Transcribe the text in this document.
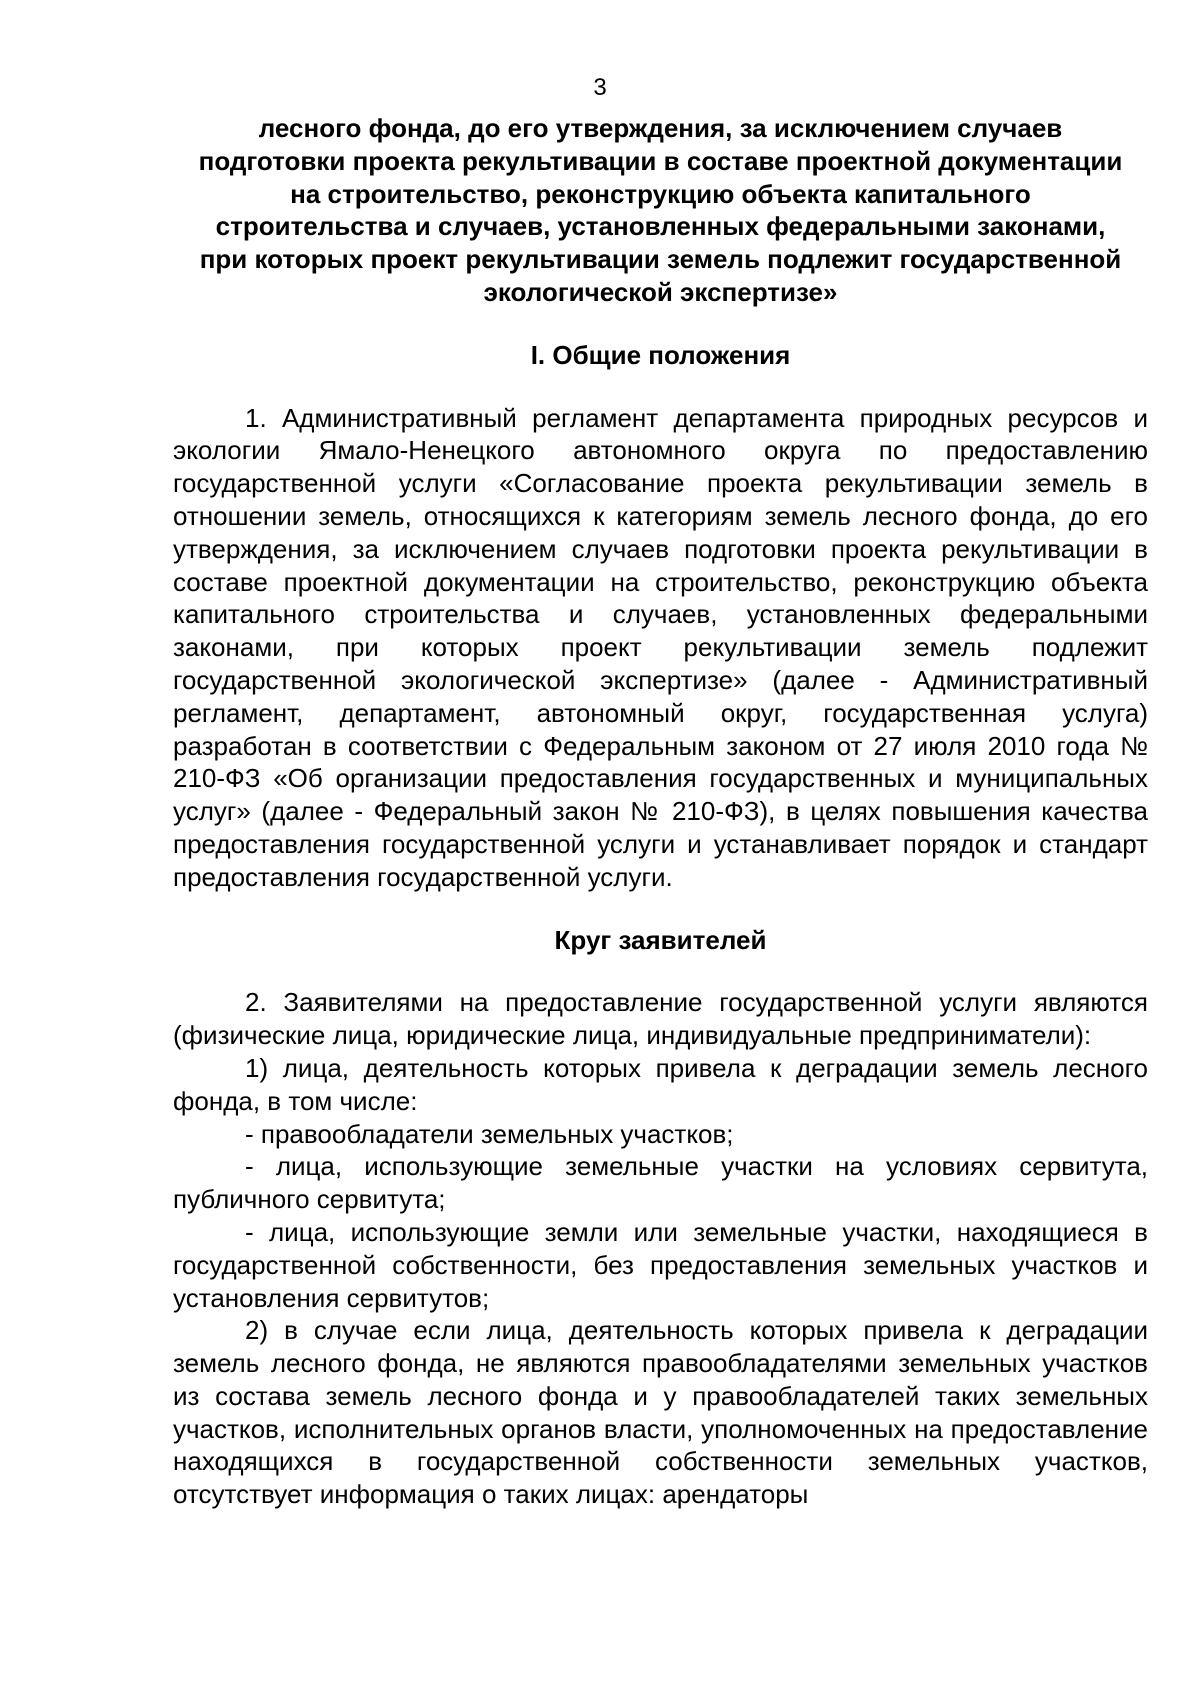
3

лесного фонда, до его утверждения, за исключением случаев подготовки проекта рекультивации в составе проектной документации на строительство, реконструкцию объекта капитального строительства и случаев, установленных федеральными законами, при которых проект рекультивации земель подлежит государственной экологической экспертизе»

I. Общие положения

1. Административный регламент департамента природных ресурсов и экологии Ямало-Ненецкого автономного округа по предоставлению государственной услуги «Согласование проекта рекультивации земель в отношении земель, относящихся к категориям земель лесного фонда, до его утверждения, за исключением случаев подготовки проекта рекультивации в составе проектной документации на строительство, реконструкцию объекта капитального строительства и случаев, установленных федеральными законами, при которых проект рекультивации земель подлежит государственной экологической экспертизе» (далее - Административный регламент, департамент, автономный округ, государственная услуга) разработан в соответствии с Федеральным законом от 27 июля 2010 года № 210-ФЗ «Об организации предоставления государственных и муниципальных услуг» (далее - Федеральный закон № 210-ФЗ), в целях повышения качества предоставления государственной услуги и устанавливает порядок и стандарт предоставления государственной услуги.

Круг заявителей

2. Заявителями на предоставление государственной услуги являются (физические лица, юридические лица, индивидуальные предприниматели):

1) лица, деятельность которых привела к деградации земель лесного фонда, в том числе:

- правообладатели земельных участков;

- лица, использующие земельные участки на условиях сервитута, публичного сервитута;

- лица, использующие земли или земельные участки, находящиеся в государственной собственности, без предоставления земельных участков и установления сервитутов;

2) в случае если лица, деятельность которых привела к деградации земель лесного фонда, не являются правообладателями земельных участков из состава земель лесного фонда и у правообладателей таких земельных участков, исполнительных органов власти, уполномоченных на предоставление находящихся в государственной собственности земельных участков, отсутствует информация о таких лицах: арендаторы
